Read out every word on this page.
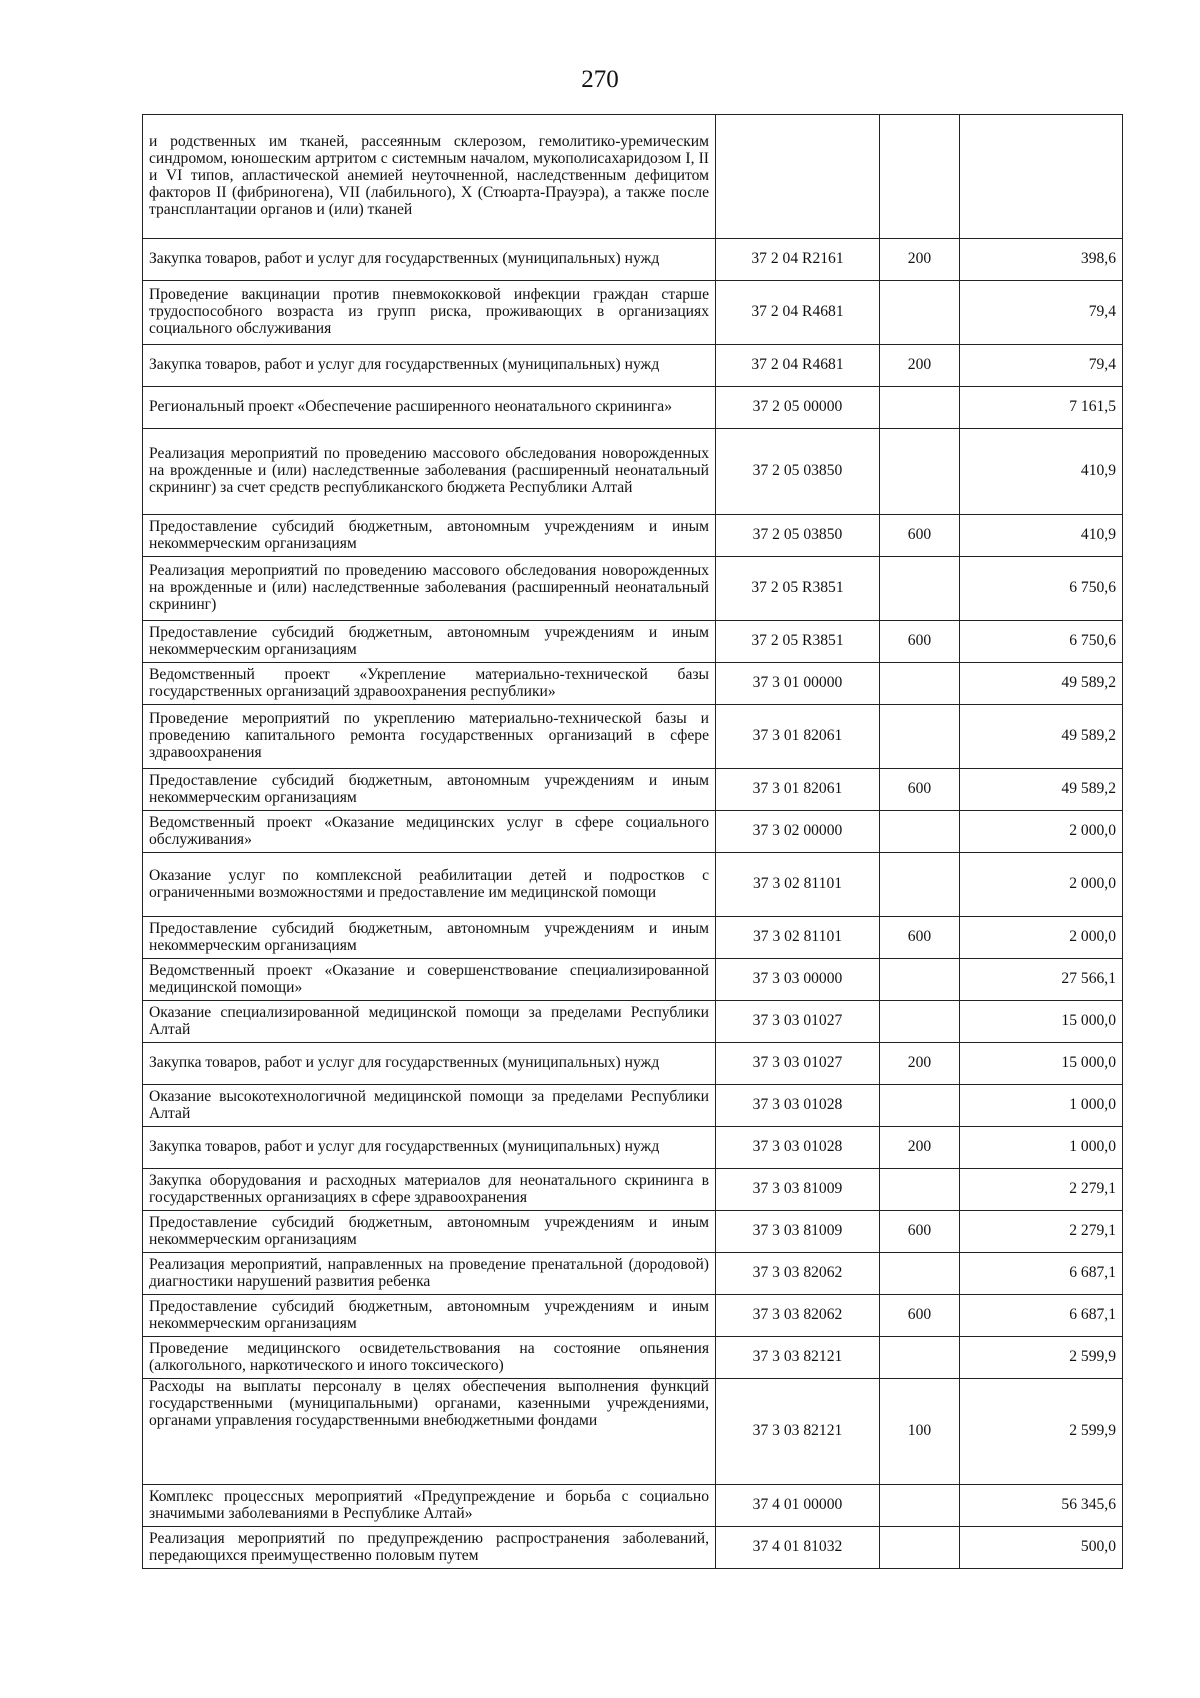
270
и родственных им тканей, рассеянным склерозом, гемолитико-уремическим синдромом, юношеским артритом с системным началом, мукополисахаридозом I, II и VI типов, апластической анемией неуточненной, наследственным дефицитом факторов II (фибриногена), VII (лабильного), X (Стюарта-Прауэра), а также после трансплантации органов и (или) тканей			
Закупка товаров, работ и услуг для государственных (муниципальных) нужд	37 2 04 R2161	200	398,6
Проведение вакцинации против пневмококковой инфекции граждан старше трудоспособного возраста из групп риска, проживающих в организациях социального обслуживания	37 2 04 R4681		79,4
Закупка товаров, работ и услуг для государственных (муниципальных) нужд	37 2 04 R4681	200	79,4
Региональный проект «Обеспечение расширенного неонатального скрининга»	37 2 05 00000		7 161,5
Реализация мероприятий по проведению массового обследования новорожденных на врожденные и (или) наследственные заболевания (расширенный неонатальный скрининг) за счет средств республиканского бюджета Республики Алтай	37 2 05 03850		410,9
Предоставление субсидий бюджетным, автономным учреждениям и иным некоммерческим организациям	37 2 05 03850	600	410,9
Реализация мероприятий по проведению массового обследования новорожденных на врожденные и (или) наследственные заболевания (расширенный неонатальный скрининг)	37 2 05 R3851		6 750,6
Предоставление субсидий бюджетным, автономным учреждениям и иным некоммерческим организациям	37 2 05 R3851	600	6 750,6
Ведомственный проект «Укрепление материально-технической базы государственных организаций здравоохранения республики»	37 3 01 00000		49 589,2
Проведение мероприятий по укреплению материально-технической базы и проведению капитального ремонта государственных организаций в сфере здравоохранения	37 3 01 82061		49 589,2
Предоставление субсидий бюджетным, автономным учреждениям и иным некоммерческим организациям	37 3 01 82061	600	49 589,2
Ведомственный проект «Оказание медицинских услуг в сфере социального обслуживания»	37 3 02 00000		2 000,0
Оказание услуг по комплексной реабилитации детей и подростков с ограниченными возможностями и предоставление им медицинской помощи	37 3 02 81101		2 000,0
Предоставление субсидий бюджетным, автономным учреждениям и иным некоммерческим организациям	37 3 02 81101	600	2 000,0
Ведомственный проект «Оказание и совершенствование специализированной медицинской помощи»	37 3 03 00000		27 566,1
Оказание специализированной медицинской помощи за пределами Республики Алтай	37 3 03 01027		15 000,0
Закупка товаров, работ и услуг для государственных (муниципальных) нужд	37 3 03 01027	200	15 000,0
Оказание высокотехнологичной медицинской помощи за пределами Республики Алтай	37 3 03 01028		1 000,0
Закупка товаров, работ и услуг для государственных (муниципальных) нужд	37 3 03 01028	200	1 000,0
Закупка оборудования и расходных материалов для неонатального скрининга в государственных организациях в сфере здравоохранения	37 3 03 81009		2 279,1
Предоставление субсидий бюджетным, автономным учреждениям и иным некоммерческим организациям	37 3 03 81009	600	2 279,1
Реализация мероприятий, направленных на проведение пренатальной (дородовой) диагностики нарушений развития ребенка	37 3 03 82062		6 687,1
Предоставление субсидий бюджетным, автономным учреждениям и иным некоммерческим организациям	37 3 03 82062	600	6 687,1
Проведение медицинского освидетельствования на состояние опьянения (алкогольного, наркотического и иного токсического)	37 3 03 82121		2 599,9
Расходы на выплаты персоналу в целях обеспечения выполнения функций государственными (муниципальными) органами, казенными учреждениями, органами управления государственными внебюджетными фондами	37 3 03 82121	100	2 599,9
Комплекс процессных мероприятий «Предупреждение и борьба с социально значимыми заболеваниями в Республике Алтай»	37 4 01 00000		56 345,6
Реализация мероприятий по предупреждению распространения заболеваний, передающихся преимущественно половым путем	37 4 01 81032		500,0
